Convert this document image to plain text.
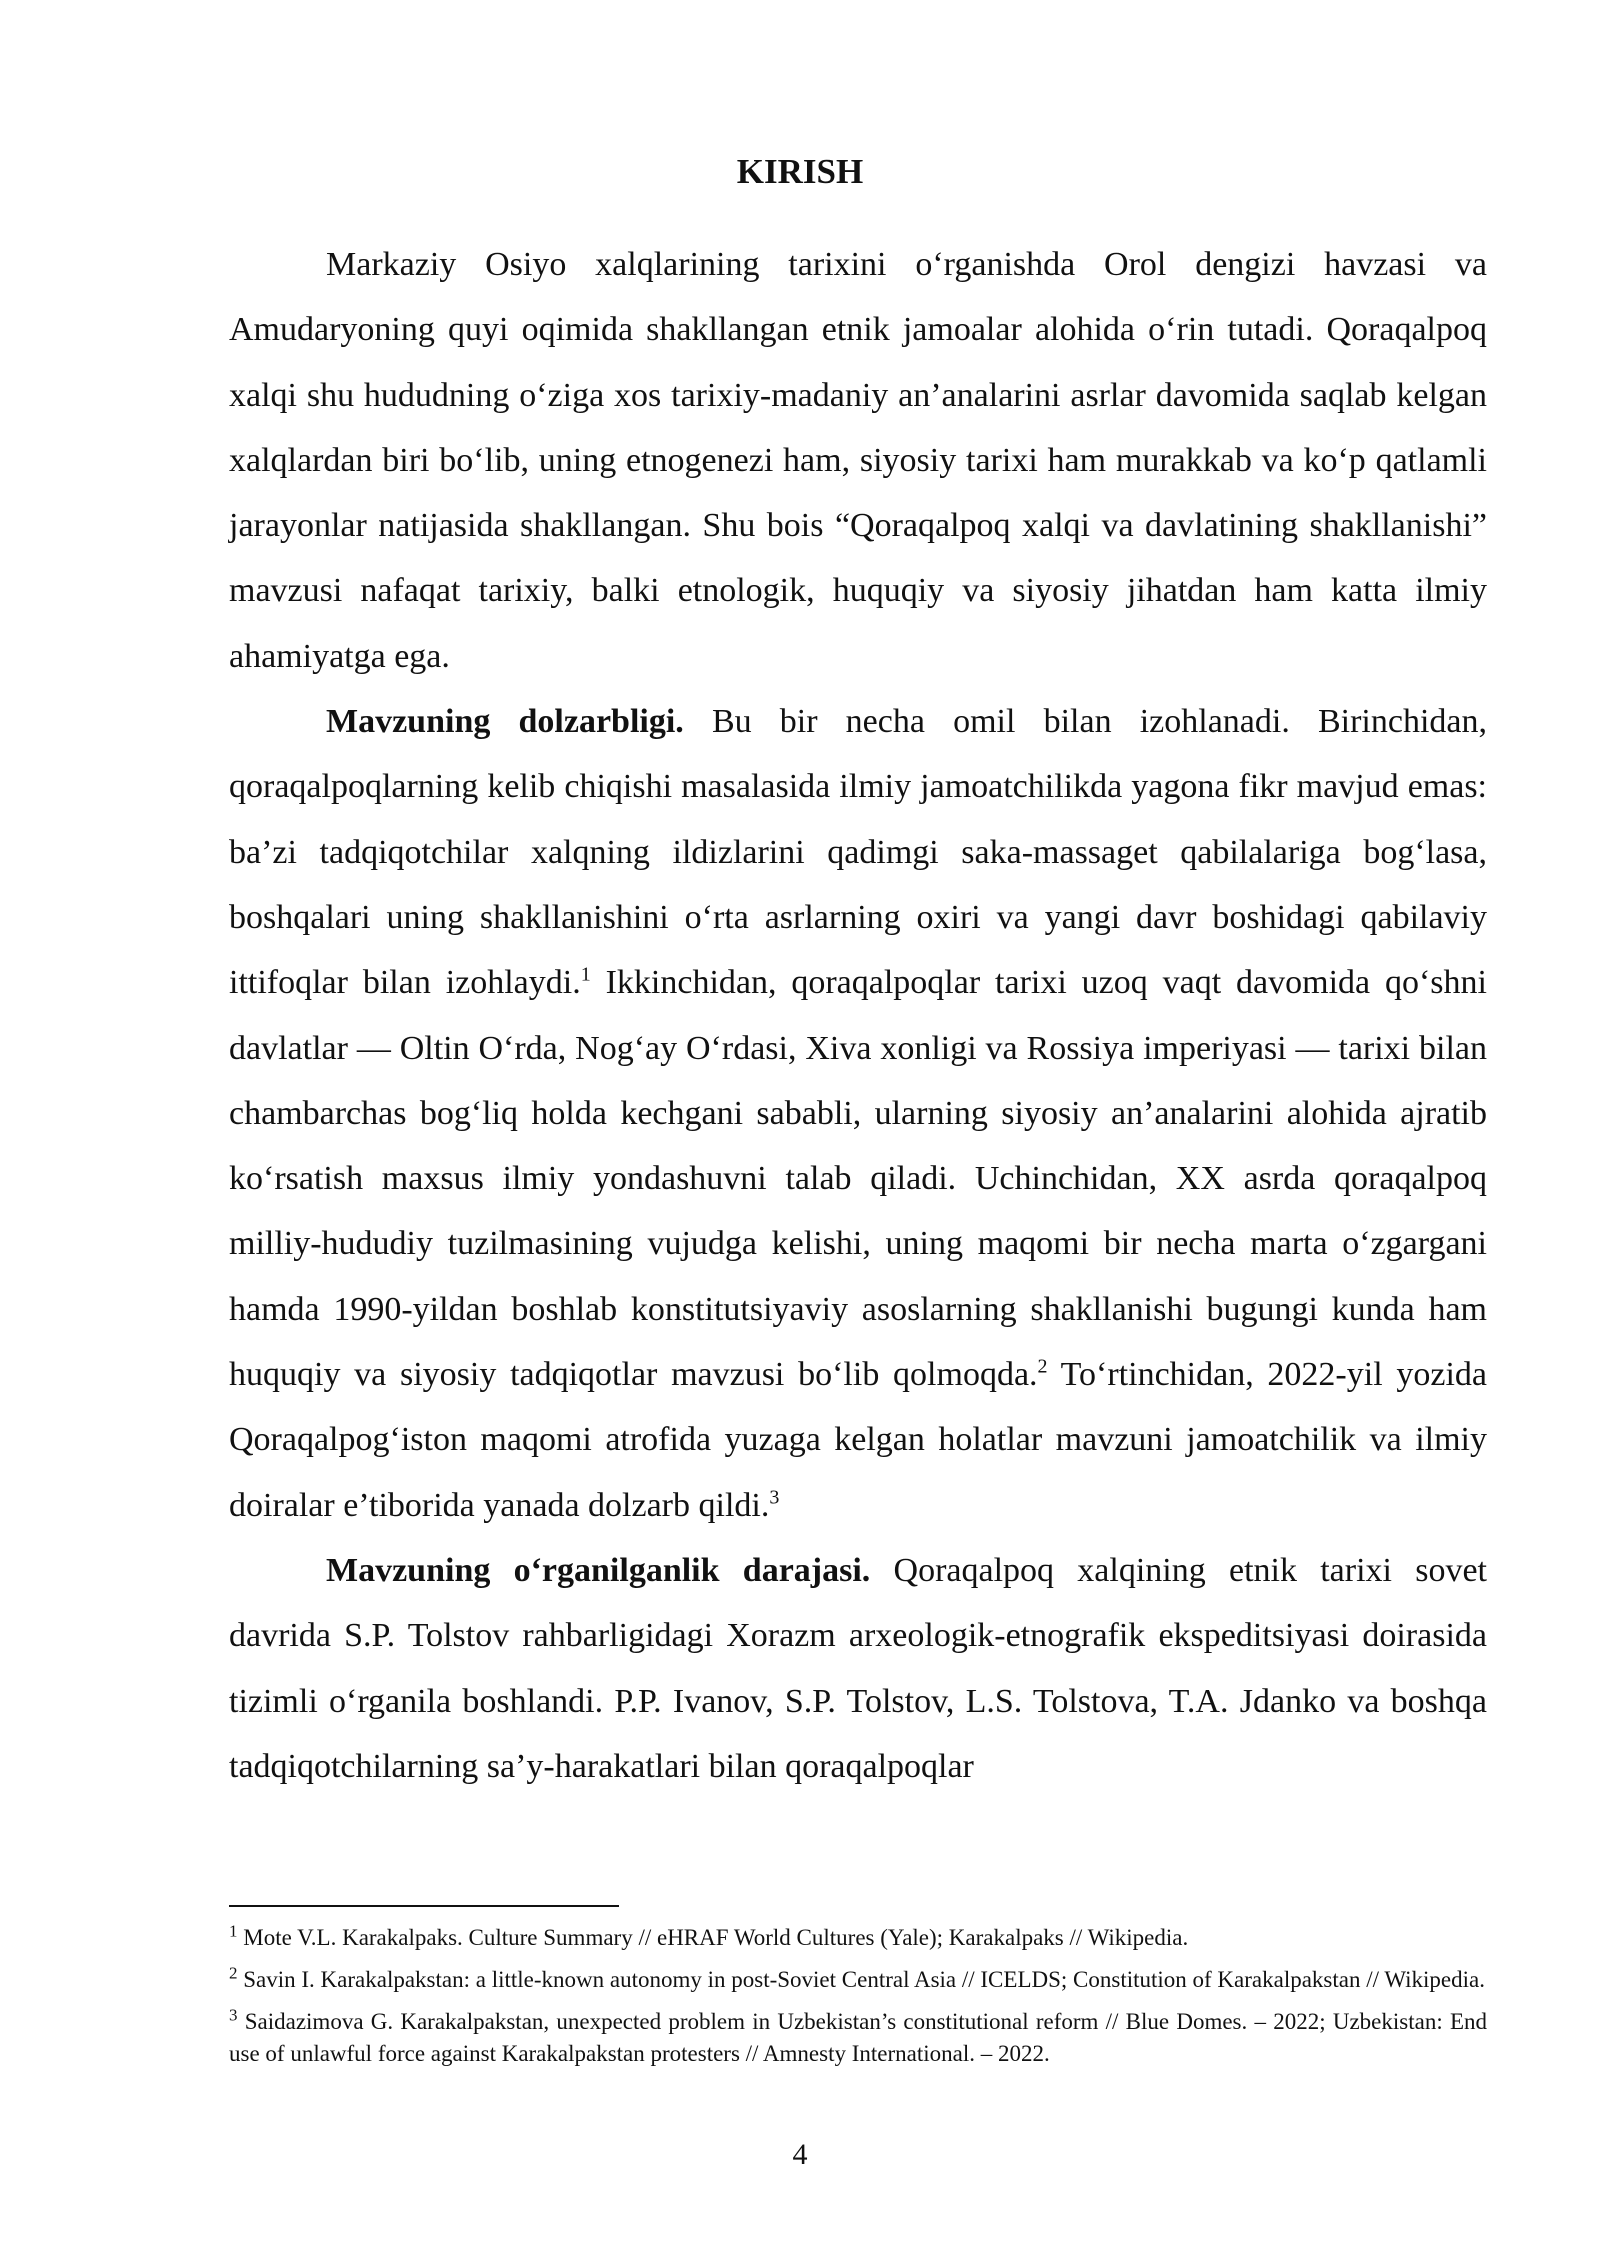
KIRISH

Markaziy Osiyo xalqlarining tarixini o‘rganishda Orol dengizi havzasi va Amudaryoning quyi oqimida shakllangan etnik jamoalar alohida o‘rin tutadi. Qoraqalpoq xalqi shu hududning o‘ziga xos tarixiy-madaniy an’analarini asrlar davomida saqlab kelgan xalqlardan biri bo‘lib, uning etnogenezi ham, siyosiy tarixi ham murakkab va ko‘p qatlamli jarayonlar natijasida shakllangan. Shu bois “Qoraqalpoq xalqi va davlatining shakllanishi” mavzusi nafaqat tarixiy, balki etnologik, huquqiy va siyosiy jihatdan ham katta ilmiy ahamiyatga ega.

Mavzuning dolzarbligi. Bu bir necha omil bilan izohlanadi. Birinchidan, qoraqalpoqlarning kelib chiqishi masalasida ilmiy jamoatchilikda yagona fikr mavjud emas: ba’zi tadqiqotchilar xalqning ildizlarini qadimgi saka-massaget qabilalariga bog‘lasa, boshqalari uning shakllanishini o‘rta asrlarning oxiri va yangi davr boshidagi qabilaviy ittifoqlar bilan izohlaydi.$^1$ Ikkinchidan, qoraqalpoqlar tarixi uzoq vaqt davomida qo‘shni davlatlar — Oltin O‘rda, Nog‘ay O‘rdasi, Xiva xonligi va Rossiya imperiyasi — tarixi bilan chambarchas bog‘liq holda kechgani sababli, ularning siyosiy an’analarini alohida ajratib ko‘rsatish maxsus ilmiy yondashuvni talab qiladi. Uchinchidan, XX asrda qoraqalpoq milliy-hududiy tuzilmasining vujudga kelishi, uning maqomi bir necha marta o‘zgargani hamda 1990-yildan boshlab konstitutsiyaviy asoslarning shakllanishi bugungi kunda ham huquqiy va siyosiy tadqiqotlar mavzusi bo‘lib qolmoqda.$^2$ To‘rtinchidan, 2022-yil yozida Qoraqalpog‘iston maqomi atrofida yuzaga kelgan holatlar mavzuni jamoatchilik va ilmiy doiralar e’tiborida yanada dolzarb qildi.$^3$

Mavzuning o‘rganilganlik darajasi. Qoraqalpoq xalqining etnik tarixi sovet davrida S.P. Tolstov rahbarligidagi Xorazm arxeologik-etnografik ekspeditsiyasi doirasida tizimli o‘rganila boshlandi. P.P. Ivanov, S.P. Tolstov, L.S. Tolstova, T.A. Jdanko va boshqa tadqiqotchilarning sa’y-harakatlari bilan qoraqalpoqlar

$^1$ Mote V.L. Karakalpaks. Culture Summary // eHRAF World Cultures (Yale); Karakalpaks // Wikipedia.

$^2$ Savin I. Karakalpakstan: a little-known autonomy in post-Soviet Central Asia // ICELDS; Constitution of Karakalpakstan // Wikipedia.

$^3$ Saidazimova G. Karakalpakstan, unexpected problem in Uzbekistan’s constitutional reform // Blue Domes. – 2022; Uzbekistan: End use of unlawful force against Karakalpakstan protesters // Amnesty International. – 2022.

4
